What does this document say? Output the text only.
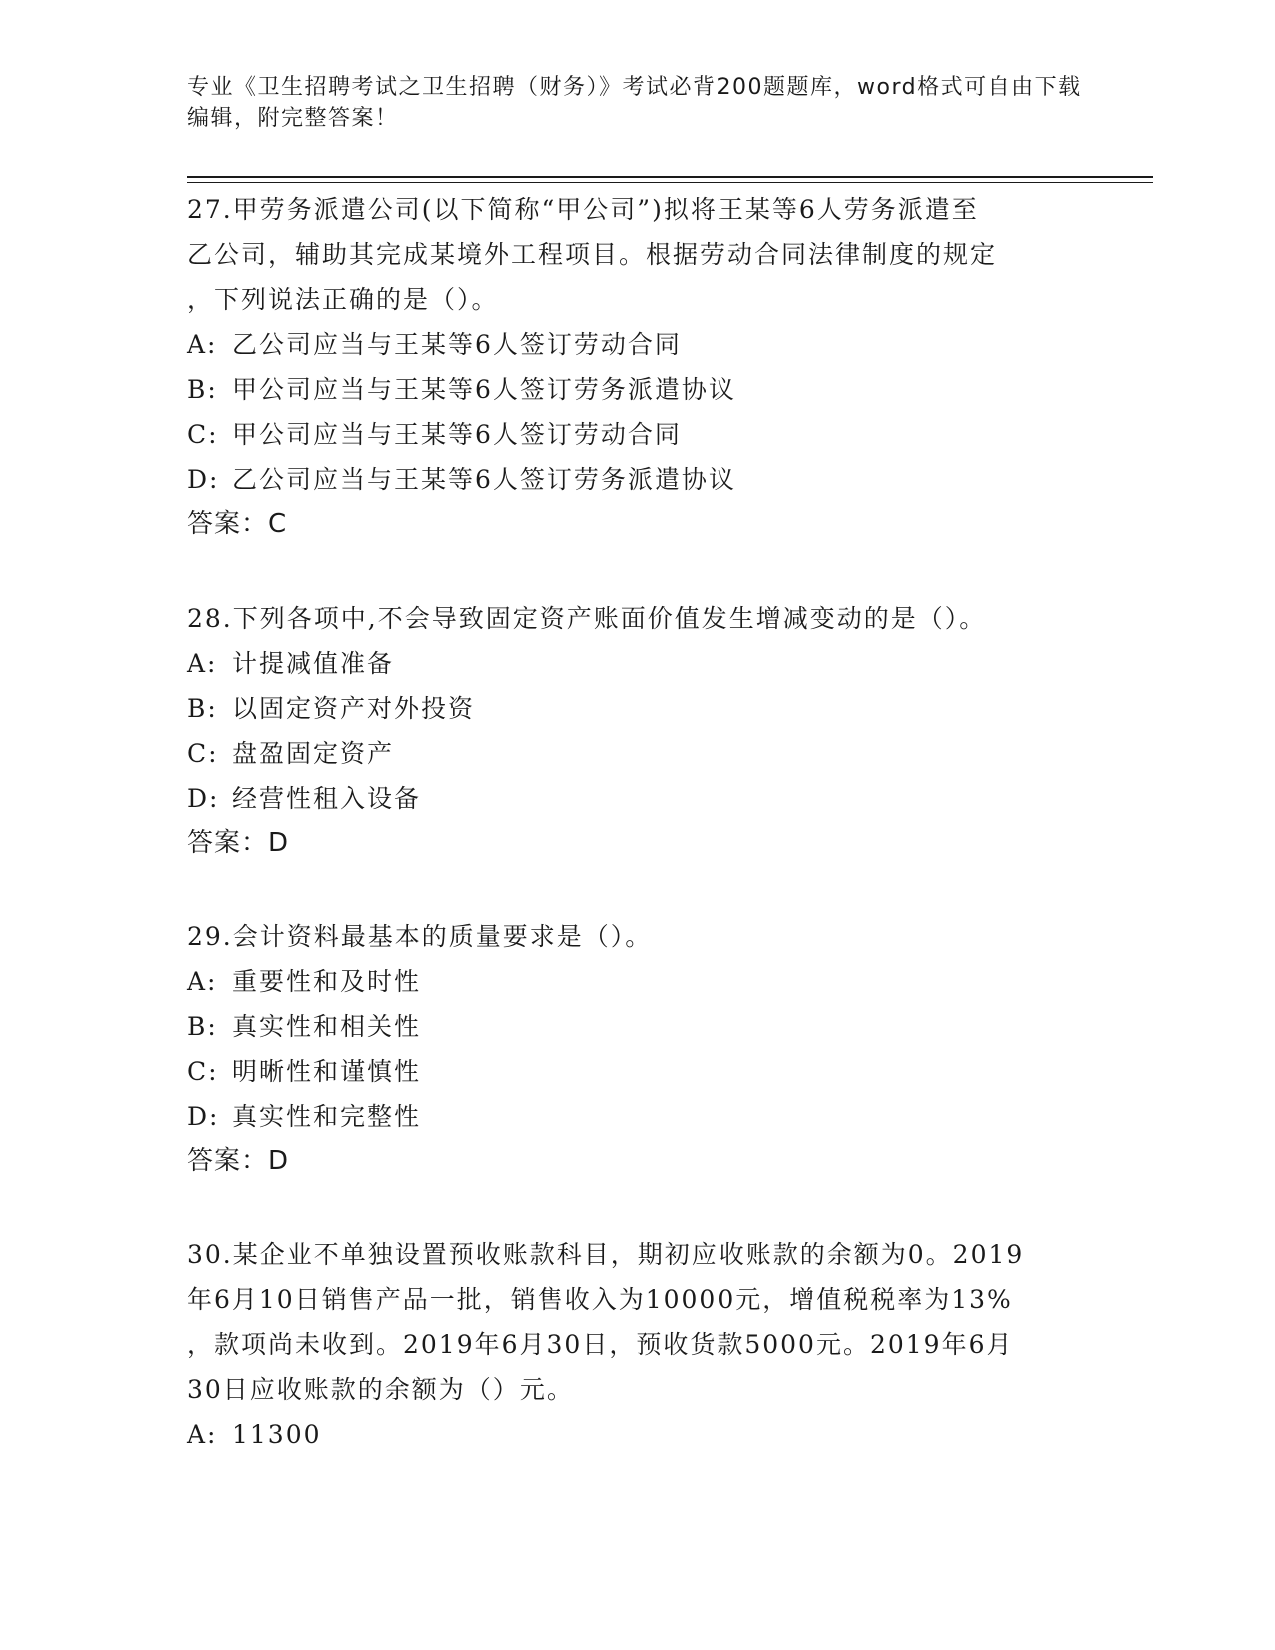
专业《卫生招聘考试之卫生招聘（财务）》考试必背200题题库，word格式可自由下载编辑，附完整答案！

27.甲劳务派遣公司(以下简称“甲公司”)拟将王某等6人劳务派遣至

乙公司，辅助其完成某境外工程项目。根据劳动合同法律制度的规定

，下列说法正确的是（）。

A: 乙公司应当与王某等6人签订劳动合同

B: 甲公司应当与王某等6人签订劳务派遣协议

C: 甲公司应当与王某等6人签订劳动合同

D: 乙公司应当与王某等6人签订劳务派遣协议

答案：C

28.下列各项中,不会导致固定资产账面价值发生增减变动的是（）。

A: 计提减值准备

B: 以固定资产对外投资

C: 盘盈固定资产

D: 经营性租入设备

答案：D

29.会计资料最基本的质量要求是（）。

A: 重要性和及时性

B: 真实性和相关性

C: 明晰性和谨慎性

D: 真实性和完整性

答案：D

30.某企业不单独设置预收账款科目，期初应收账款的余额为0。2019

年6月10日销售产品一批，销售收入为10000元，增值税税率为13%

，款项尚未收到。2019年6月30日，预收货款5000元。2019年6月

30日应收账款的余额为（）元。

A: 11300
